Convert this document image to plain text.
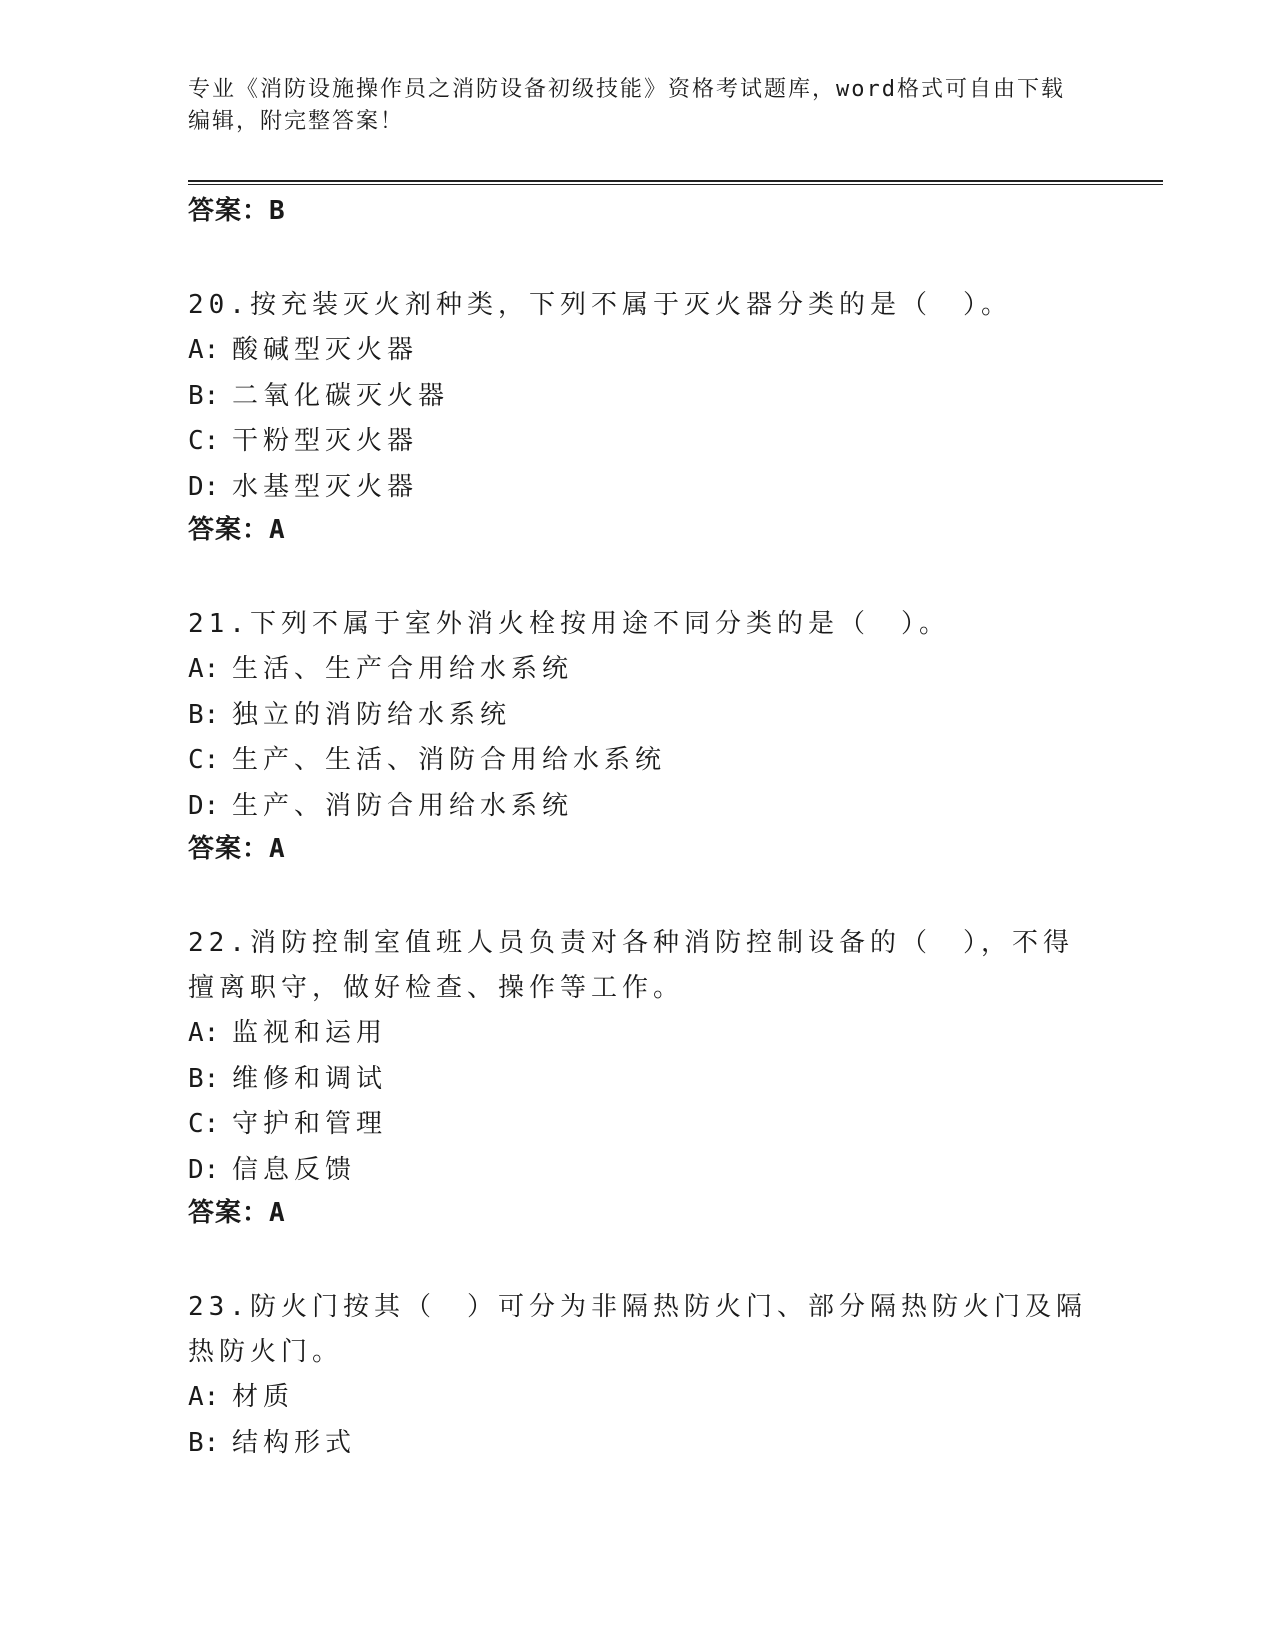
专业《消防设施操作员之消防设备初级技能》资格考试题库，word格式可自由下载编辑，附完整答案！
答案：B
20.按充装灭火剂种类，下列不属于灭火器分类的是（　）。
A: 酸碱型灭火器
B: 二氧化碳灭火器
C: 干粉型灭火器
D: 水基型灭火器
答案：A
21.下列不属于室外消火栓按用途不同分类的是（　）。
A: 生活、生产合用给水系统
B: 独立的消防给水系统
C: 生产、生活、消防合用给水系统
D: 生产、消防合用给水系统
答案：A
22.消防控制室值班人员负责对各种消防控制设备的（　），不得擅离职守，做好检查、操作等工作。
A: 监视和运用
B: 维修和调试
C: 守护和管理
D: 信息反馈
答案：A
23.防火门按其（　）可分为非隔热防火门、部分隔热防火门及隔热防火门。
A: 材质
B: 结构形式
